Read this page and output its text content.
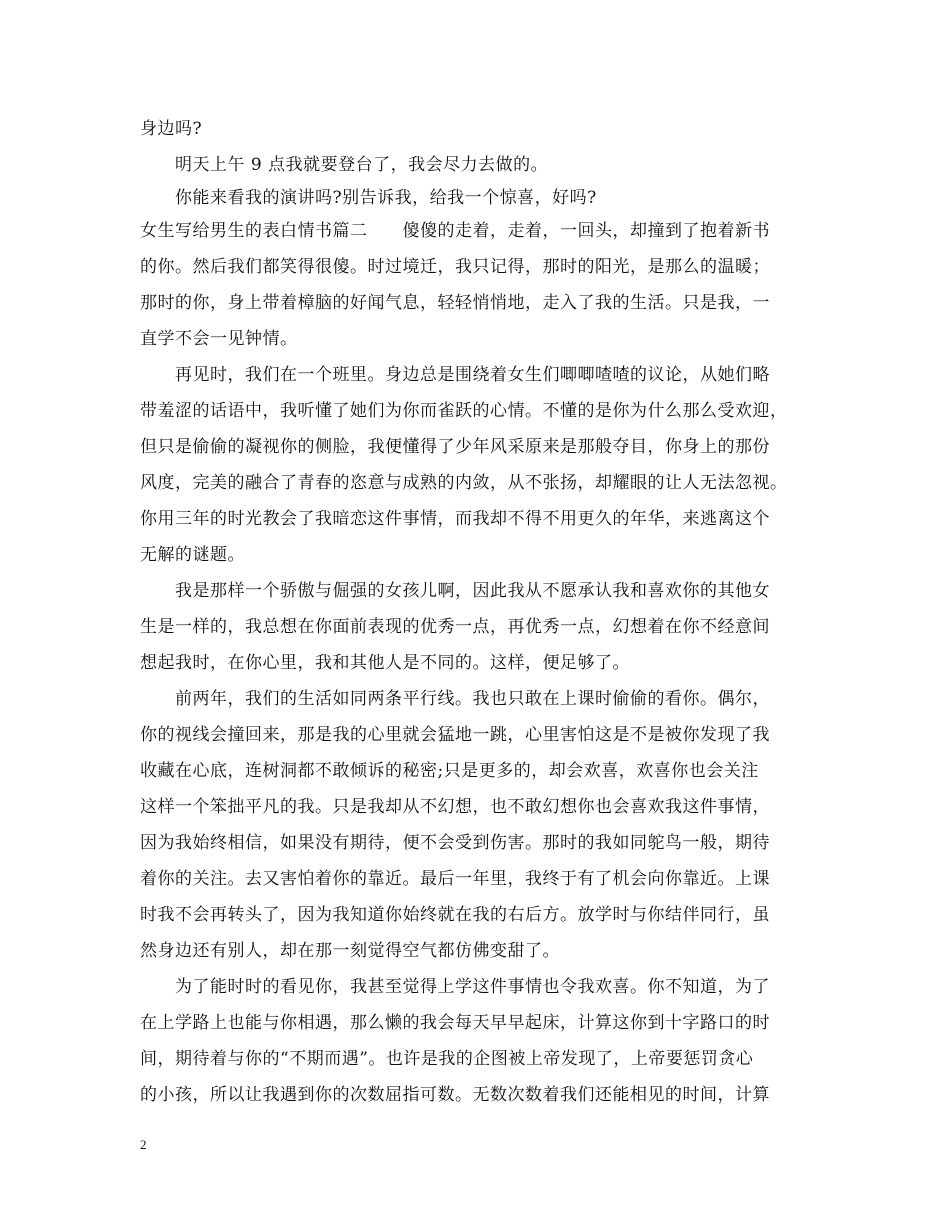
身边吗?
　　明天上午 9 点我就要登台了，我会尽力去做的。
　　你能来看我的演讲吗?别告诉我，给我一个惊喜，好吗?
女生写给男生的表白情书篇二　　傻傻的走着，走着，一回头，却撞到了抱着新书
的你。然后我们都笑得很傻。时过境迁，我只记得，那时的阳光，是那么的温暖；
那时的你，身上带着樟脑的好闻气息，轻轻悄悄地，走入了我的生活。只是我，一
直学不会一见钟情。
　　再见时，我们在一个班里。身边总是围绕着女生们唧唧喳喳的议论，从她们略
带羞涩的话语中，我听懂了她们为你而雀跃的心情。不懂的是你为什么那么受欢迎，
但只是偷偷的凝视你的侧脸，我便懂得了少年风采原来是那般夺目，你身上的那份
风度，完美的融合了青春的恣意与成熟的内敛，从不张扬，却耀眼的让人无法忽视。
你用三年的时光教会了我暗恋这件事情，而我却不得不用更久的年华，来逃离这个
无解的谜题。
　　我是那样一个骄傲与倔强的女孩儿啊，因此我从不愿承认我和喜欢你的其他女
生是一样的，我总想在你面前表现的优秀一点，再优秀一点，幻想着在你不经意间
想起我时，在你心里，我和其他人是不同的。这样，便足够了。
　　前两年，我们的生活如同两条平行线。我也只敢在上课时偷偷的看你。偶尔，
你的视线会撞回来，那是我的心里就会猛地一跳，心里害怕这是不是被你发现了我
收藏在心底，连树洞都不敢倾诉的秘密;只是更多的，却会欢喜，欢喜你也会关注
这样一个笨拙平凡的我。只是我却从不幻想，也不敢幻想你也会喜欢我这件事情，
因为我始终相信，如果没有期待，便不会受到伤害。那时的我如同鸵鸟一般，期待
着你的关注。去又害怕着你的靠近。最后一年里，我终于有了机会向你靠近。上课
时我不会再转头了，因为我知道你始终就在我的右后方。放学时与你结伴同行，虽
然身边还有别人，却在那一刻觉得空气都仿佛变甜了。
　　为了能时时的看见你，我甚至觉得上学这件事情也令我欢喜。你不知道，为了
在上学路上也能与你相遇，那么懒的我会每天早早起床，计算这你到十字路口的时
间，期待着与你的“不期而遇”。也许是我的企图被上帝发现了，上帝要惩罚贪心
的小孩，所以让我遇到你的次数屈指可数。无数次数着我们还能相见的时间，计算
2
